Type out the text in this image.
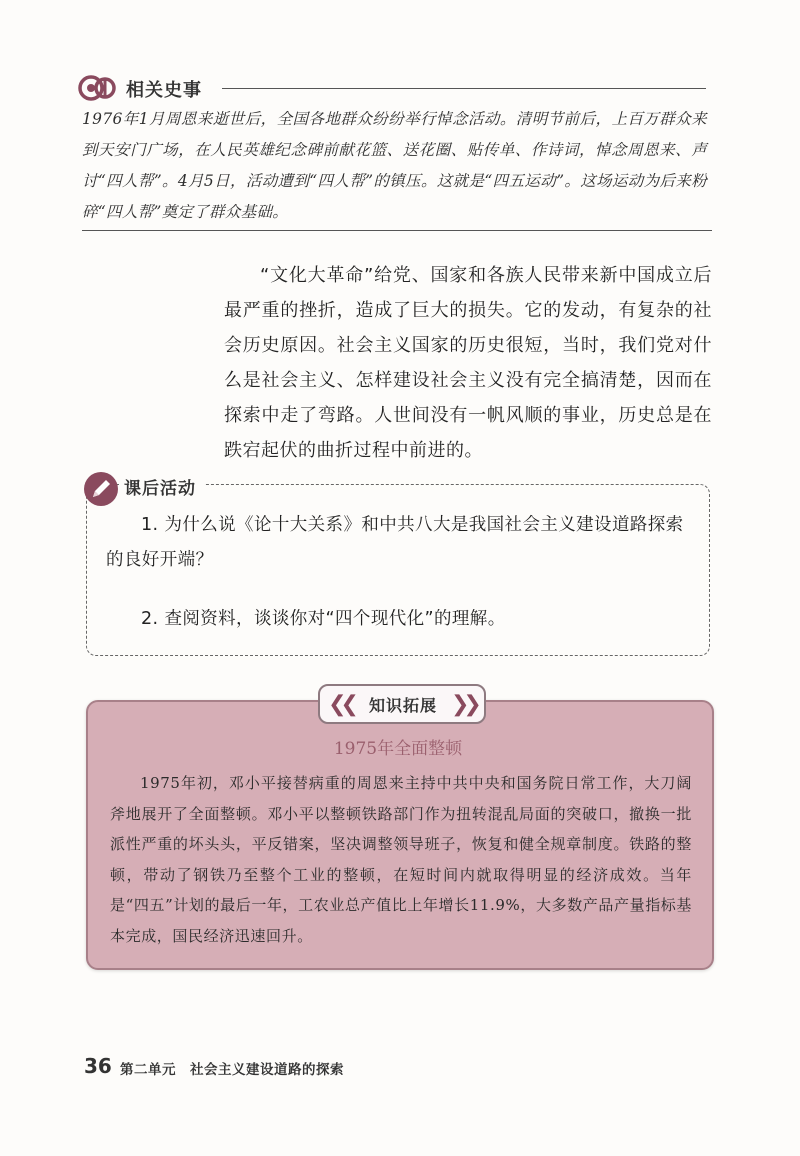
相关史事
1976年1月周恩来逝世后，全国各地群众纷纷举行悼念活动。清明节前后，上百万群众来到天安门广场，在人民英雄纪念碑前献花篮、送花圈、贴传单、作诗词，悼念周恩来、声讨“四人帮”。4月5日，活动遭到“四人帮”的镇压。这就是“四五运动”。这场运动为后来粉碎“四人帮”奠定了群众基础。
“文化大革命”给党、国家和各族人民带来新中国成立后最严重的挫折，造成了巨大的损失。它的发动，有复杂的社会历史原因。社会主义国家的历史很短，当时，我们党对什么是社会主义、怎样建设社会主义没有完全搞清楚，因而在探索中走了弯路。人世间没有一帆风顺的事业，历史总是在跌宕起伏的曲折过程中前进的。
课后活动
1. 为什么说《论十大关系》和中共八大是我国社会主义建设道路探索的良好开端？
2. 查阅资料，谈谈你对“四个现代化”的理解。
❮❮ 知识拓展 ❯❯
1975年全面整顿
1975年初，邓小平接替病重的周恩来主持中共中央和国务院日常工作，大刀阔斧地展开了全面整顿。邓小平以整顿铁路部门作为扭转混乱局面的突破口，撤换一批派性严重的坏头头，平反错案，坚决调整领导班子，恢复和健全规章制度。铁路的整顿，带动了钢铁乃至整个工业的整顿，在短时间内就取得明显的经济成效。当年是“四五”计划的最后一年，工农业总产值比上年增长11.9%，大多数产品产量指标基本完成，国民经济迅速回升。
36 第二单元　社会主义建设道路的探索
